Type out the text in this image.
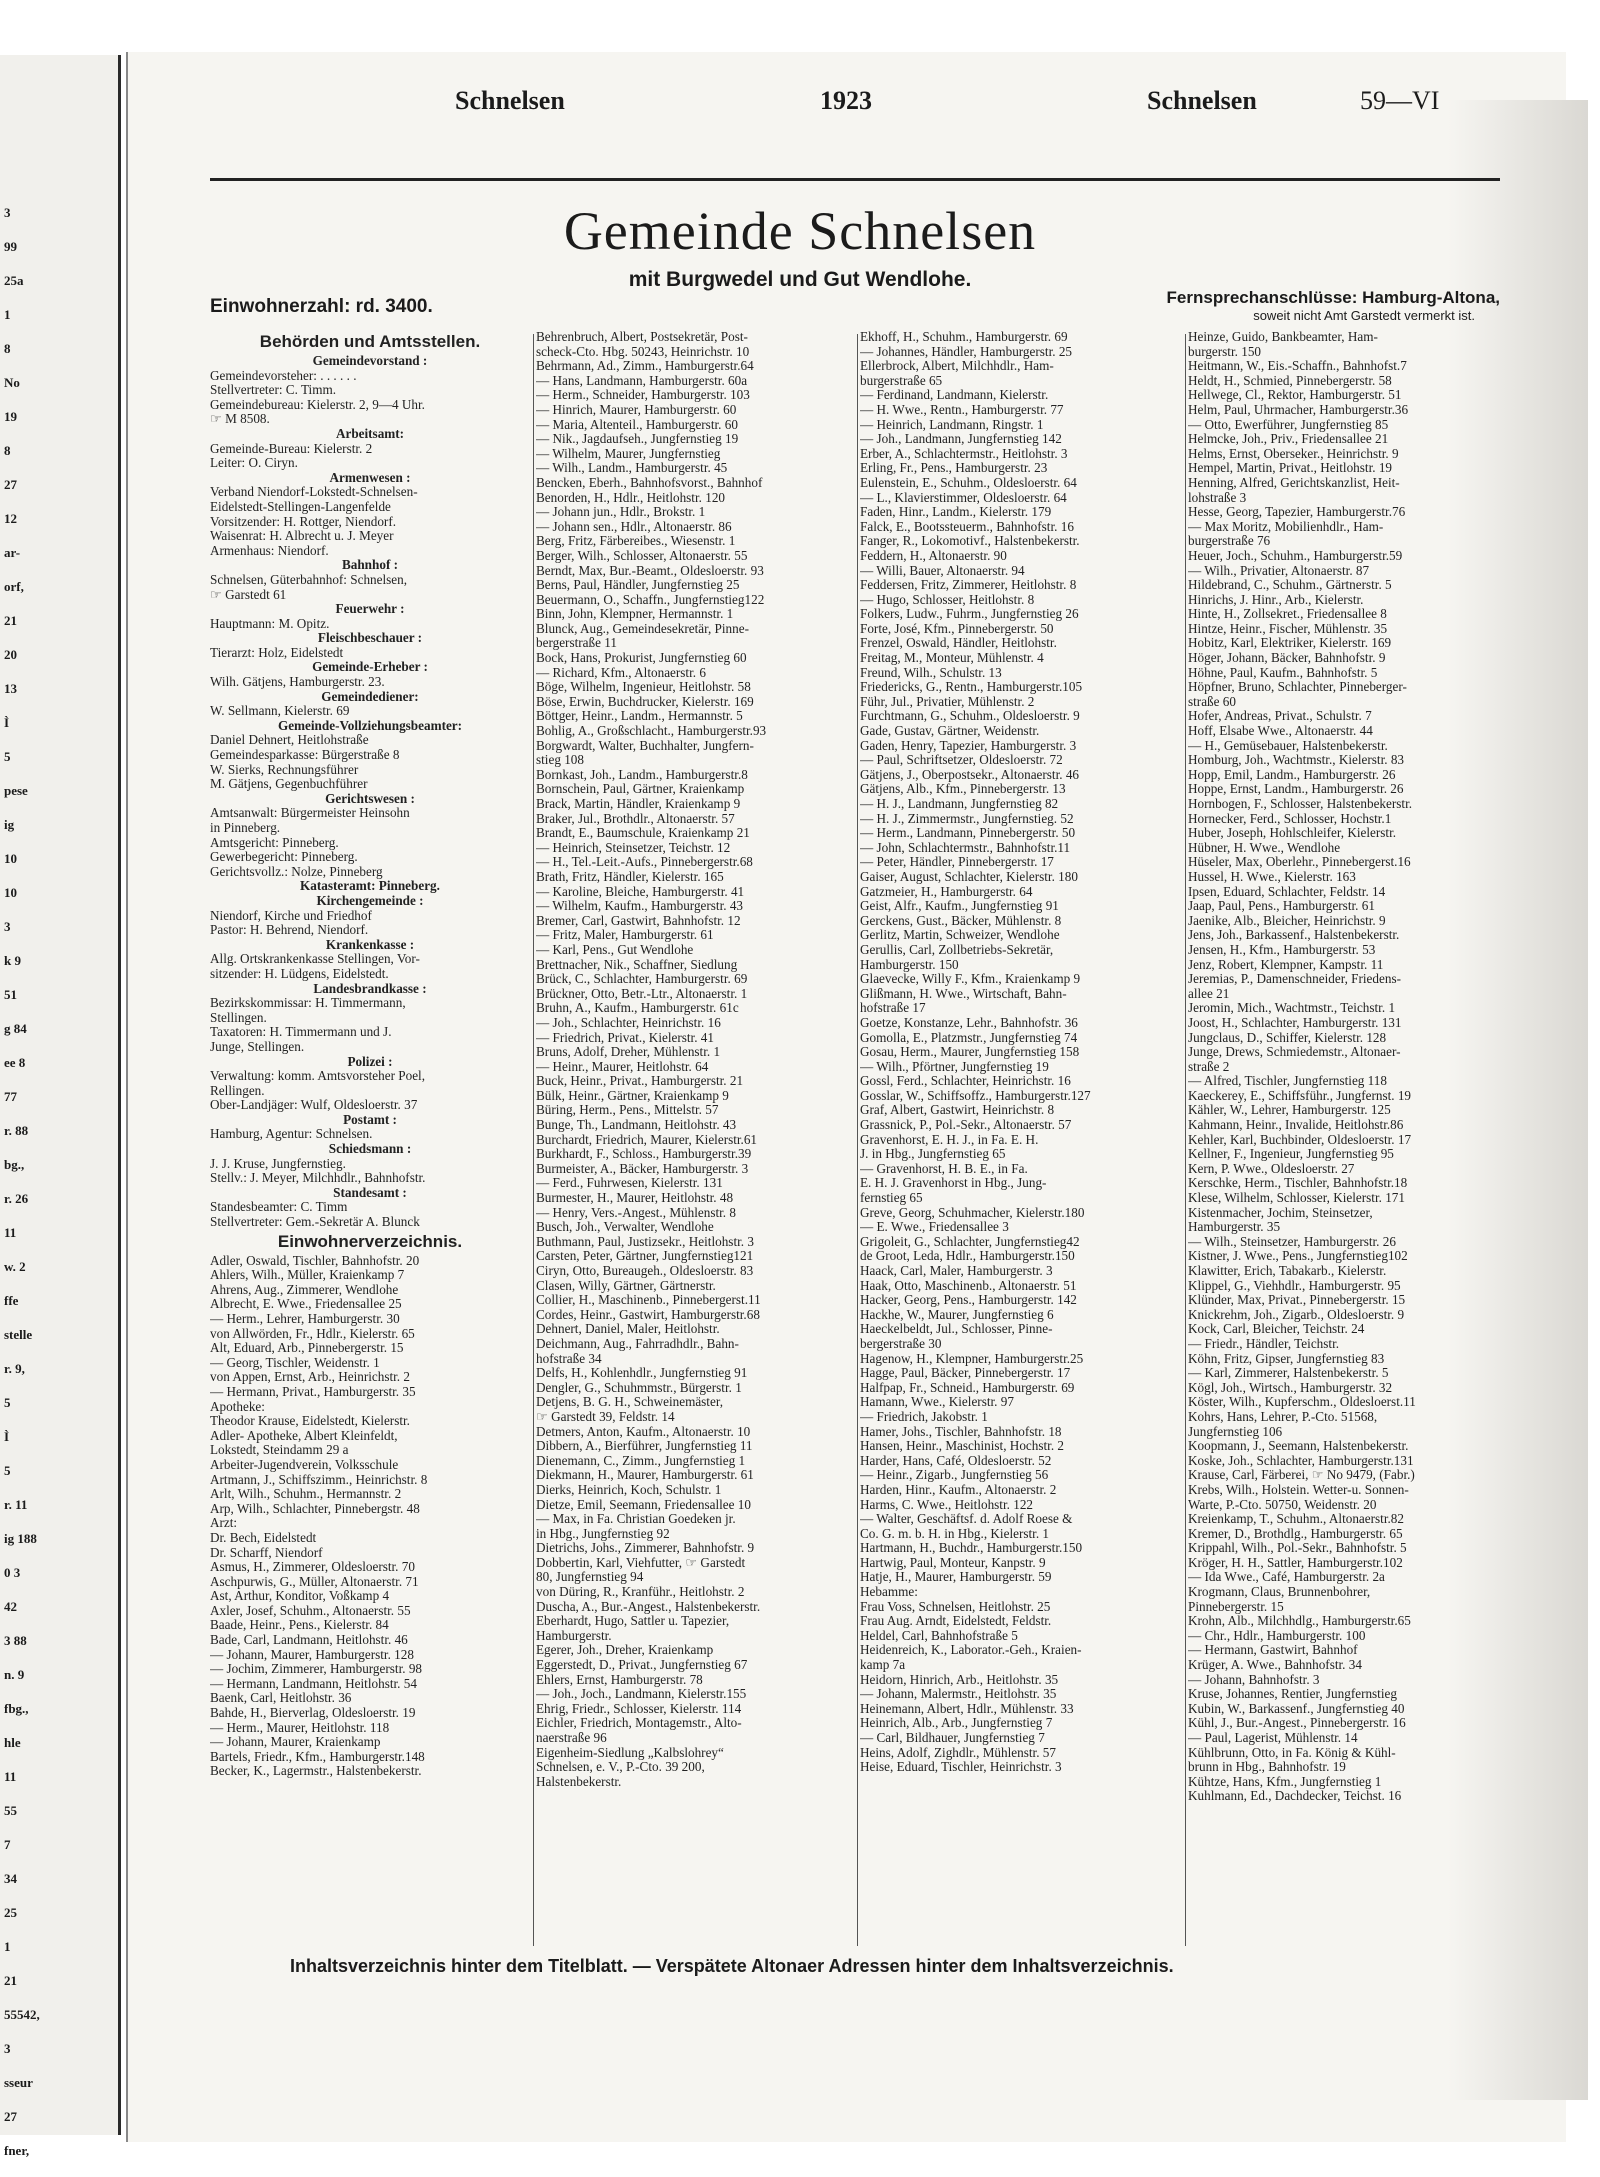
3
99
25a
1
8
No
19
8
27
12
ar-
orf,
21
20
13
Ì
5
pese
ig
10
10
3
k 9
51
g 84
ee 8
77
r. 88
bg.,
r. 26
11
w. 2
ffe
stelle
r. 9,
5
Ì
5
r. 11
ig 188
0 3
42
3 88
n. 9
fbg.,
hle
11
55
7
34
25
1
21
55542,
3
sseur
27
fner,
Schnelsen	1923	Schnelsen	59—VI
Gemeinde Schnelsen
mit Burgwedel und Gut Wendlohe.
Einwohnerzahl: rd. 3400.	Fernsprechanschlüsse: Hamburg-Altona,
soweit nicht Amt Garstedt vermerkt ist.
Behörden und Amtsstellen.
Gemeindevorstand :
Gemeindevorsteher: . . . . . .
Stellvertreter: C. Timm.
Gemeindebureau: Kielerstr. 2, 9—4 Uhr.
☞ M 8508.
Arbeitsamt:
Gemeinde-Bureau: Kielerstr. 2
Leiter: O. Ciryn.
Armenwesen :
Verband Niendorf-Lokstedt-Schnelsen-
Eidelstedt-Stellingen-Langenfelde
Vorsitzender: H. Rottger, Niendorf.
Waisenrat: H. Albrecht u. J. Meyer
Armenhaus: Niendorf.
Bahnhof :
Schnelsen, Güterbahnhof: Schnelsen,
☞ Garstedt 61
Feuerwehr :
Hauptmann: M. Opitz.
Fleischbeschauer :
Tierarzt: Holz, Eidelstedt
Gemeinde-Erheber :
Wilh. Gätjens, Hamburgerstr. 23.
Gemeindediener:
W. Sellmann, Kielerstr. 69
Gemeinde-Vollziehungsbeamter:
Daniel Dehnert, Heitlohstraße
Gemeindesparkasse: Bürgerstraße 8
W. Sierks, Rechnungsführer
M. Gätjens, Gegenbuchführer
Gerichtswesen :
Amtsanwalt: Bürgermeister Heinsohn
in Pinneberg.
Amtsgericht: Pinneberg.
Gewerbegericht: Pinneberg.
Gerichtsvollz.: Nolze, Pinneberg
Katasteramt: Pinneberg.
Kirchengemeinde :
Niendorf, Kirche und Friedhof
Pastor: H. Behrend, Niendorf.
Krankenkasse :
Allg. Ortskrankenkasse Stellingen, Vor-
sitzender: H. Lüdgens, Eidelstedt.
Landesbrandkasse :
Bezirkskommissar: H. Timmermann,
Stellingen.
Taxatoren: H. Timmermann und J.
Junge, Stellingen.
Polizei :
Verwaltung: komm. Amtsvorsteher Poel,
Rellingen.
Ober-Landjäger: Wulf, Oldesloerstr. 37
Postamt :
Hamburg, Agentur: Schnelsen.
Schiedsmann :
J. J. Kruse, Jungfernstieg.
Stellv.: J. Meyer, Milchhdlr., Bahnhofstr.
Standesamt :
Standesbeamter: C. Timm
Stellvertreter: Gem.-Sekretär A. Blunck
Einwohnerverzeichnis.
Adler, Oswald, Tischler, Bahnhofstr. 20
Ahlers, Wilh., Müller, Kraienkamp 7
Ahrens, Aug., Zimmerer, Wendlohe
Albrecht, E. Wwe., Friedensallee 25
— Herm., Lehrer, Hamburgerstr. 30
von Allwörden, Fr., Hdlr., Kielerstr. 65
Alt, Eduard, Arb., Pinnebergerstr. 15
— Georg, Tischler, Weidenstr. 1
von Appen, Ernst, Arb., Heinrichstr. 2
— Hermann, Privat., Hamburgerstr. 35
Apotheke:
Theodor Krause, Eidelstedt, Kielerstr.
Adler- Apotheke, Albert Kleinfeldt,
Lokstedt, Steindamm 29 a
Arbeiter-Jugendverein, Volksschule
Artmann, J., Schiffszimm., Heinrichstr. 8
Arlt, Wilh., Schuhm., Hermannstr. 2
Arp, Wilh., Schlachter, Pinnebergstr. 48
Arzt:
Dr. Bech, Eidelstedt
Dr. Scharff, Niendorf
Asmus, H., Zimmerer, Oldesloerstr. 70
Aschpurwis, G., Müller, Altonaerstr. 71
Ast, Arthur, Konditor, Voßkamp 4
Axler, Josef, Schuhm., Altonaerstr. 55
Baade, Heinr., Pens., Kielerstr. 84
Bade, Carl, Landmann, Heitlohstr. 46
— Johann, Maurer, Hamburgerstr. 128
— Jochim, Zimmerer, Hamburgerstr. 98
— Hermann, Landmann, Heitlohstr. 54
Baenk, Carl, Heitlohstr. 36
Bahde, H., Bierverlag, Oldesloerstr. 19
— Herm., Maurer, Heitlohstr. 118
— Johann, Maurer, Kraienkamp
Bartels, Friedr., Kfm., Hamburgerstr.148
Becker, K., Lagermstr., Halstenbekerstr.
Behrenbruch, Albert, Postsekretär, Post-
scheck-Cto. Hbg. 50243, Heinrichstr. 10
Behrmann, Ad., Zimm., Hamburgerstr.64
— Hans, Landmann, Hamburgerstr. 60a
— Herm., Schneider, Hamburgerstr. 103
— Hinrich, Maurer, Hamburgerstr. 60
— Maria, Altenteil., Hamburgerstr. 60
— Nik., Jagdaufseh., Jungfernstieg 19
— Wilhelm, Maurer, Jungfernstieg
— Wilh., Landm., Hamburgerstr. 45
Bencken, Eberh., Bahnhofsvorst., Bahnhof
Benorden, H., Hdlr., Heitlohstr. 120
— Johann jun., Hdlr., Brokstr. 1
— Johann sen., Hdlr., Altonaerstr. 86
Berg, Fritz, Färbereibes., Wiesenstr. 1
Berger, Wilh., Schlosser, Altonaerstr. 55
Berndt, Max, Bur.-Beamt., Oldesloerstr. 93
Berns, Paul, Händler, Jungfernstieg 25
Beuermann, O., Schaffn., Jungfernstieg122
Binn, John, Klempner, Hermannstr. 1
Blunck, Aug., Gemeindesekretär, Pinne-
bergerstraße 11
Bock, Hans, Prokurist, Jungfernstieg 60
— Richard, Kfm., Altonaerstr. 6
Böge, Wilhelm, Ingenieur, Heitlohstr. 58
Böse, Erwin, Buchdrucker, Kielerstr. 169
Böttger, Heinr., Landm., Hermannstr. 5
Bohlig, A., Großschlacht., Hamburgerstr.93
Borgwardt, Walter, Buchhalter, Jungfern-
stieg 108
Bornkast, Joh., Landm., Hamburgerstr.8
Bornschein, Paul, Gärtner, Kraienkamp
Brack, Martin, Händler, Kraienkamp 9
Braker, Jul., Brothdlr., Altonaerstr. 57
Brandt, E., Baumschule, Kraienkamp 21
— Heinrich, Steinsetzer, Teichstr. 12
— H., Tel.-Leit.-Aufs., Pinnebergerstr.68
Brath, Fritz, Händler, Kielerstr. 165
— Karoline, Bleiche, Hamburgerstr. 41
— Wilhelm, Kaufm., Hamburgerstr. 43
Bremer, Carl, Gastwirt, Bahnhofstr. 12
— Fritz, Maler, Hamburgerstr. 61
— Karl, Pens., Gut Wendlohe
Brettnacher, Nik., Schaffner, Siedlung
Brück, C., Schlachter, Hamburgerstr. 69
Brückner, Otto, Betr.-Ltr., Altonaerstr. 1
Bruhn, A., Kaufm., Hamburgerstr. 61c
— Joh., Schlachter, Heinrichstr. 16
— Friedrich, Privat., Kielerstr. 41
Bruns, Adolf, Dreher, Mühlenstr. 1
— Heinr., Maurer, Heitlohstr. 64
Buck, Heinr., Privat., Hamburgerstr. 21
Bülk, Heinr., Gärtner, Kraienkamp 9
Büring, Herm., Pens., Mittelstr. 57
Bunge, Th., Landmann, Heitlohstr. 43
Burchardt, Friedrich, Maurer, Kielerstr.61
Burkhardt, F., Schloss., Hamburgerstr.39
Burmeister, A., Bäcker, Hamburgerstr. 3
— Ferd., Fuhrwesen, Kielerstr. 131
Burmester, H., Maurer, Heitlohstr. 48
— Henry, Vers.-Angest., Mühlenstr. 8
Busch, Joh., Verwalter, Wendlohe
Buthmann, Paul, Justizsekr., Heitlohstr. 3
Carsten, Peter, Gärtner, Jungfernstieg121
Ciryn, Otto, Bureaugeh., Oldesloerstr. 83
Clasen, Willy, Gärtner, Gärtnerstr.
Collier, H., Maschinenb., Pinnebergerst.11
Cordes, Heinr., Gastwirt, Hamburgerstr.68
Dehnert, Daniel, Maler, Heitlohstr.
Deichmann, Aug., Fahrradhdlr., Bahn-
hofstraße 34
Delfs, H., Kohlenhdlr., Jungfernstieg 91
Dengler, G., Schuhmmstr., Bürgerstr. 1
Detjens, B. G. H., Schweinemäster,
☞ Garstedt 39, Feldstr. 14
Detmers, Anton, Kaufm., Altonaerstr. 10
Dibbern, A., Bierführer, Jungfernstieg 11
Dienemann, C., Zimm., Jungfernstieg 1
Diekmann, H., Maurer, Hamburgerstr. 61
Dierks, Heinrich, Koch, Schulstr. 1
Dietze, Emil, Seemann, Friedensallee 10
— Max, in Fa. Christian Goedeken jr.
in Hbg., Jungfernstieg 92
Dietrichs, Johs., Zimmerer, Bahnhofstr. 9
Dobbertin, Karl, Viehfutter, ☞ Garstedt
80, Jungfernstieg 94
von Düring, R., Kranführ., Heitlohstr. 2
Duscha, A., Bur.-Angest., Halstenbekerstr.
Eberhardt, Hugo, Sattler u. Tapezier,
Hamburgerstr.
Egerer, Joh., Dreher, Kraienkamp
Eggerstedt, D., Privat., Jungfernstieg 67
Ehlers, Ernst, Hamburgerstr. 78
— Joh., Joch., Landmann, Kielerstr.155
Ehrig, Friedr., Schlosser, Kielerstr. 114
Eichler, Friedrich, Montagemstr., Alto-
naerstraße 96
Eigenheim-Siedlung „Kalbslohrey“
Schnelsen, e. V., P.-Cto. 39 200,
Halstenbekerstr.
Ekhoff, H., Schuhm., Hamburgerstr. 69
— Johannes, Händler, Hamburgerstr. 25
Ellerbrock, Albert, Milchhdlr., Ham-
burgerstraße 65
— Ferdinand, Landmann, Kielerstr.
— H. Wwe., Rentn., Hamburgerstr. 77
— Heinrich, Landmann, Ringstr. 1
— Joh., Landmann, Jungfernstieg 142
Erber, A., Schlachtermstr., Heitlohstr. 3
Erling, Fr., Pens., Hamburgerstr. 23
Eulenstein, E., Schuhm., Oldesloerstr. 64
— L., Klavierstimmer, Oldesloerstr. 64
Faden, Hinr., Landm., Kielerstr. 179
Falck, E., Bootssteuerm., Bahnhofstr. 16
Fanger, R., Lokomotivf., Halstenbekerstr.
Feddern, H., Altonaerstr. 90
— Willi, Bauer, Altonaerstr. 94
Feddersen, Fritz, Zimmerer, Heitlohstr. 8
— Hugo, Schlosser, Heitlohstr. 8
Folkers, Ludw., Fuhrm., Jungfernstieg 26
Forte, José, Kfm., Pinnebergerstr. 50
Frenzel, Oswald, Händler, Heitlohstr.
Freitag, M., Monteur, Mühlenstr. 4
Freund, Wilh., Schulstr. 13
Friedericks, G., Rentn., Hamburgerstr.105
Führ, Jul., Privatier, Mühlenstr. 2
Furchtmann, G., Schuhm., Oldesloerstr. 9
Gade, Gustav, Gärtner, Weidenstr.
Gaden, Henry, Tapezier, Hamburgerstr. 3
— Paul, Schriftsetzer, Oldesloerstr. 72
Gätjens, J., Oberpostsekr., Altonaerstr. 46
Gätjens, Alb., Kfm., Pinnebergerstr. 13
— H. J., Landmann, Jungfernstieg 82
— H. J., Zimmermstr., Jungfernstieg. 52
— Herm., Landmann, Pinnebergerstr. 50
— John, Schlachtermstr., Bahnhofstr.11
— Peter, Händler, Pinnebergerstr. 17
Gaiser, August, Schlachter, Kielerstr. 180
Gatzmeier, H., Hamburgerstr. 64
Geist, Alfr., Kaufm., Jungfernstieg 91
Gerckens, Gust., Bäcker, Mühlenstr. 8
Gerlitz, Martin, Schweizer, Wendlohe
Gerullis, Carl, Zollbetriebs-Sekretär,
Hamburgerstr. 150
Glaevecke, Willy F., Kfm., Kraienkamp 9
Glißmann, H. Wwe., Wirtschaft, Bahn-
hofstraße 17
Goetze, Konstanze, Lehr., Bahnhofstr. 36
Gomolla, E., Platzmstr., Jungfernstieg 74
Gosau, Herm., Maurer, Jungfernstieg 158
— Wilh., Pförtner, Jungfernstieg 19
Gossl, Ferd., Schlachter, Heinrichstr. 16
Gosslar, W., Schiffsoffz., Hamburgerstr.127
Graf, Albert, Gastwirt, Heinrichstr. 8
Grassnick, P., Pol.-Sekr., Altonaerstr. 57
Gravenhorst, E. H. J., in Fa. E. H.
J. in Hbg., Jungfernstieg 65
— Gravenhorst, H. B. E., in Fa.
E. H. J. Gravenhorst in Hbg., Jung-
fernstieg 65
Greve, Georg, Schuhmacher, Kielerstr.180
— E. Wwe., Friedensallee 3
Grigoleit, G., Schlachter, Jungfernstieg42
de Groot, Leda, Hdlr., Hamburgerstr.150
Haack, Carl, Maler, Hamburgerstr. 3
Haak, Otto, Maschinenb., Altonaerstr. 51
Hacker, Georg, Pens., Hamburgerstr. 142
Hackhe, W., Maurer, Jungfernstieg 6
Haeckelbeldt, Jul., Schlosser, Pinne-
bergerstraße 30
Hagenow, H., Klempner, Hamburgerstr.25
Hagge, Paul, Bäcker, Pinnebergerstr. 17
Halfpap, Fr., Schneid., Hamburgerstr. 69
Hamann, Wwe., Kielerstr. 97
— Friedrich, Jakobstr. 1
Hamer, Johs., Tischler, Bahnhofstr. 18
Hansen, Heinr., Maschinist, Hochstr. 2
Harder, Hans, Café, Oldesloerstr. 52
— Heinr., Zigarb., Jungfernstieg 56
Harden, Hinr., Kaufm., Altonaerstr. 2
Harms, C. Wwe., Heitlohstr. 122
— Walter, Geschäftsf. d. Adolf Roese &
Co. G. m. b. H. in Hbg., Kielerstr. 1
Hartmann, H., Buchdr., Hamburgerstr.150
Hartwig, Paul, Monteur, Kanpstr. 9
Hatje, H., Maurer, Hamburgerstr. 59
Hebamme:
Frau Voss, Schnelsen, Heitlohstr. 25
Frau Aug. Arndt, Eidelstedt, Feldstr.
Heldel, Carl, Bahnhofstraße 5
Heidenreich, K., Laborator.-Geh., Kraien-
kamp 7a
Heidorn, Hinrich, Arb., Heitlohstr. 35
— Johann, Malermstr., Heitlohstr. 35
Heinemann, Albert, Hdlr., Mühlenstr. 33
Heinrich, Alb., Arb., Jungfernstieg 7
— Carl, Bildhauer, Jungfernstieg 7
Heins, Adolf, Zighdlr., Mühlenstr. 57
Heise, Eduard, Tischler, Heinrichstr. 3
Heinze, Guido, Bankbeamter, Ham-
burgerstr. 150
Heitmann, W., Eis.-Schaffn., Bahnhofst.7
Heldt, H., Schmied, Pinnebergerstr. 58
Hellwege, Cl., Rektor, Hamburgerstr. 51
Helm, Paul, Uhrmacher, Hamburgerstr.36
— Otto, Ewerführer, Jungfernstieg 85
Helmcke, Joh., Priv., Friedensallee 21
Helms, Ernst, Oberseker., Heinrichstr. 9
Hempel, Martin, Privat., Heitlohstr. 19
Henning, Alfred, Gerichtskanzlist, Heit-
lohstraße 3
Hesse, Georg, Tapezier, Hamburgerstr.76
— Max Moritz, Mobilienhdlr., Ham-
burgerstraße 76
Heuer, Joch., Schuhm., Hamburgerstr.59
— Wilh., Privatier, Altonaerstr. 87
Hildebrand, C., Schuhm., Gärtnerstr. 5
Hinrichs, J. Hinr., Arb., Kielerstr.
Hinte, H., Zollsekret., Friedensallee 8
Hintze, Heinr., Fischer, Mühlenstr. 35
Hobitz, Karl, Elektriker, Kielerstr. 169
Höger, Johann, Bäcker, Bahnhofstr. 9
Höhne, Paul, Kaufm., Bahnhofstr. 5
Höpfner, Bruno, Schlachter, Pinneberger-
straße 60
Hofer, Andreas, Privat., Schulstr. 7
Hoff, Elsabe Wwe., Altonaerstr. 44
— H., Gemüsebauer, Halstenbekerstr.
Homburg, Joh., Wachtmstr., Kielerstr. 83
Hopp, Emil, Landm., Hamburgerstr. 26
Hoppe, Ernst, Landm., Hamburgerstr. 26
Hornbogen, F., Schlosser, Halstenbekerstr.
Hornecker, Ferd., Schlosser, Hochstr.1
Huber, Joseph, Hohlschleifer, Kielerstr.
Hübner, H. Wwe., Wendlohe
Hüseler, Max, Oberlehr., Pinnebergerst.16
Hussel, H. Wwe., Kielerstr. 163
Ipsen, Eduard, Schlachter, Feldstr. 14
Jaap, Paul, Pens., Hamburgerstr. 61
Jaenike, Alb., Bleicher, Heinrichstr. 9
Jens, Joh., Barkassenf., Halstenbekerstr.
Jensen, H., Kfm., Hamburgerstr. 53
Jenz, Robert, Klempner, Kampstr. 11
Jeremias, P., Damenschneider, Friedens-
allee 21
Jeromin, Mich., Wachtmstr., Teichstr. 1
Joost, H., Schlachter, Hamburgerstr. 131
Jungclaus, D., Schiffer, Kielerstr. 128
Junge, Drews, Schmiedemstr., Altonaer-
straße 2
— Alfred, Tischler, Jungfernstieg 118
Kaeckerey, E., Schiffsführ., Jungfernst. 19
Kähler, W., Lehrer, Hamburgerstr. 125
Kahmann, Heinr., Invalide, Heitlohstr.86
Kehler, Karl, Buchbinder, Oldesloerstr. 17
Kellner, F., Ingenieur, Jungfernstieg 95
Kern, P. Wwe., Oldesloerstr. 27
Kerschke, Herm., Tischler, Bahnhofstr.18
Klese, Wilhelm, Schlosser, Kielerstr. 171
Kistenmacher, Jochim, Steinsetzer,
Hamburgerstr. 35
— Wilh., Steinsetzer, Hamburgerstr. 26
Kistner, J. Wwe., Pens., Jungfernstieg102
Klawitter, Erich, Tabakarb., Kielerstr.
Klippel, G., Viehhdlr., Hamburgerstr. 95
Klünder, Max, Privat., Pinnebergerstr. 15
Knickrehm, Joh., Zigarb., Oldesloerstr. 9
Kock, Carl, Bleicher, Teichstr. 24
— Friedr., Händler, Teichstr.
Köhn, Fritz, Gipser, Jungfernstieg 83
— Karl, Zimmerer, Halstenbekerstr. 5
Kögl, Joh., Wirtsch., Hamburgerstr. 32
Köster, Wilh., Kupferschm., Oldesloerst.11
Kohrs, Hans, Lehrer, P.-Cto. 51568,
Jungfernstieg 106
Koopmann, J., Seemann, Halstenbekerstr.
Koske, Joh., Schlachter, Hamburgerstr.131
Krause, Carl, Färberei, ☞ No 9479, (Fabr.)
Krebs, Wilh., Holstein. Wetter-u. Sonnen-
Warte, P.-Cto. 50750, Weidenstr. 20
Kreienkamp, T., Schuhm., Altonaerstr.82
Kremer, D., Brothdlg., Hamburgerstr. 65
Krippahl, Wilh., Pol.-Sekr., Bahnhofstr. 5
Kröger, H. H., Sattler, Hamburgerstr.102
— Ida Wwe., Café, Hamburgerstr. 2a
Krogmann, Claus, Brunnenbohrer,
Pinnebergerstr. 15
Krohn, Alb., Milchhdlg., Hamburgerstr.65
— Chr., Hdlr., Hamburgerstr. 100
— Hermann, Gastwirt, Bahnhof
Krüger, A. Wwe., Bahnhofstr. 34
— Johann, Bahnhofstr. 3
Kruse, Johannes, Rentier, Jungfernstieg
Kubin, W., Barkassenf., Jungfernstieg 40
Kühl, J., Bur.-Angest., Pinnebergerstr. 16
— Paul, Lagerist, Mühlenstr. 14
Kühlbrunn, Otto, in Fa. König & Kühl-
brunn in Hbg., Bahnhofstr. 19
Kühtze, Hans, Kfm., Jungfernstieg 1
Kuhlmann, Ed., Dachdecker, Teichst. 16
Inhaltsverzeichnis hinter dem Titelblatt. — Verspätete Altonaer Adressen hinter dem Inhaltsverzeichnis.
